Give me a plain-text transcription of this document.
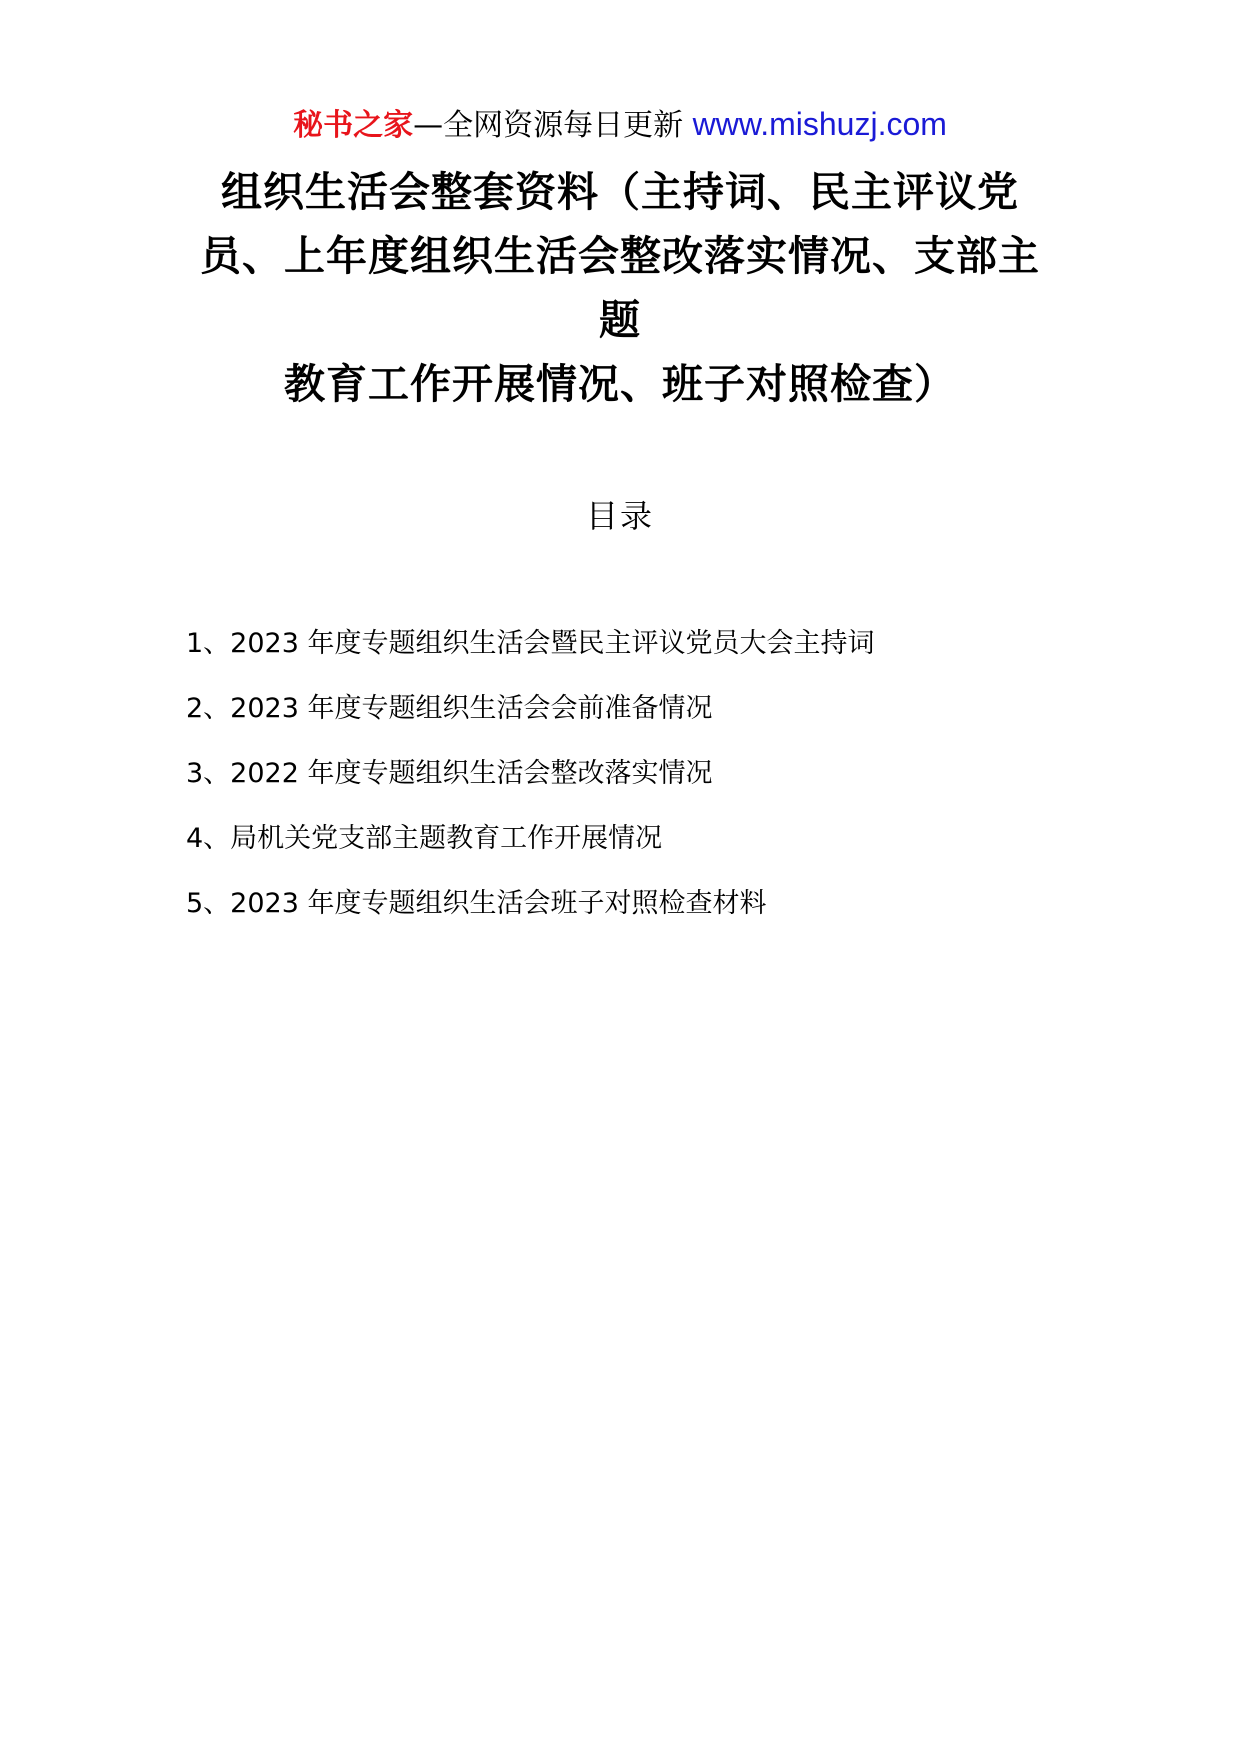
秘书之家—全网资源每日更新 www.mishuzj.com
组织生活会整套资料（主持词、民主评议党
员、上年度组织生活会整改落实情况、支部主
题
教育工作开展情况、班子对照检查）
目录
1、2023 年度专题组织生活会暨民主评议党员大会主持词
2、2023 年度专题组织生活会会前准备情况
3、2022 年度专题组织生活会整改落实情况
4、局机关党支部主题教育工作开展情况
5、2023 年度专题组织生活会班子对照检查材料
